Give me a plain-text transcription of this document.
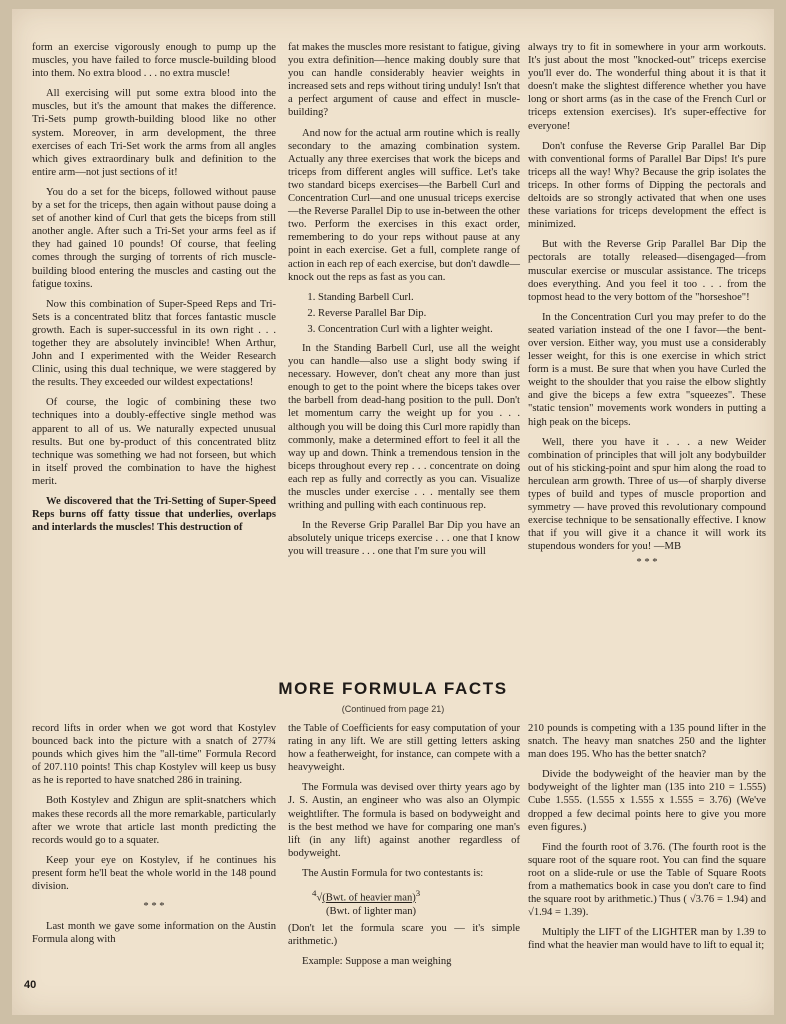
form an exercise vigorously enough to pump up the muscles, you have failed to force muscle-building blood into them. No extra blood . . . no extra muscle!

All exercising will put some extra blood into the muscles, but it's the amount that makes the difference. Tri-Sets pump growth-building blood like no other system. Moreover, in arm development, the three exercises of each Tri-Set work the arms from all angles which gives extraordinary bulk and definition to the entire arm—not just sections of it!

You do a set for the biceps, followed without pause by a set for the triceps, then again without pause doing a set of another kind of Curl that gets the biceps from still another angle. After such a Tri-Set your arms feel as if they had gained 10 pounds! Of course, that feeling comes through the surging of torrents of rich muscle-building blood entering the muscles and casting out the fatigue toxins.

Now this combination of Super-Speed Reps and Tri-Sets is a concentrated blitz that forces fantastic muscle growth. Each is super-successful in its own right . . . together they are absolutely invincible! When Arthur, John and I experimented with the Weider Research Clinic, using this dual technique, we were staggered by the results. They exceeded our wildest expectations!

Of course, the logic of combining these two techniques into a doubly-effective single method was apparent to all of us. We naturally expected unusual results. But one by-product of this concentrated blitz technique was something we had not forseen, but which in itself proved the combination to have the highest merit.

We discovered that the Tri-Setting of Super-Speed Reps burns off fatty tissue that underlies, overlaps and interlards the muscles! This destruction of

fat makes the muscles more resistant to fatigue, giving you extra definition—hence making doubly sure that you can handle considerably heavier weights in increased sets and reps without tiring unduly! Isn't that a perfect argument of cause and effect in muscle-building?

And now for the actual arm routine which is really secondary to the amazing combination system. Actually any three exercises that work the biceps and triceps from different angles will suffice. Let's take two standard biceps exercises—the Barbell Curl and Concentration Curl—and one unusual triceps exercise—the Reverse Parallel Dip to use in-between the other two. Perform the exercises in this exact order, remembering to do your reps without pause at any point in each exercise. Get a full, complete range of action in each rep of each exercise, but don't dawdle—knock out the reps as fast as you can.

1. Standing Barbell Curl.
2. Reverse Parallel Bar Dip.
3. Concentration Curl with a lighter weight.

In the Standing Barbell Curl, use all the weight you can handle—also use a slight body swing if necessary. However, don't cheat any more than just enough to get to the point where the biceps takes over the barbell from dead-hang position to the pull. Don't let momentum carry the weight up for you . . . although you will be doing this Curl more rapidly than commonly, make a determined effort to feel it all the way up and down. Think a tremendous tension in the biceps throughout every rep . . . concentrate on doing each rep as fully and correctly as you can. Visualize the muscles under exercise . . . mentally see them writhing and pulling with each continuous rep.

In the Reverse Grip Parallel Bar Dip you have an absolutely unique triceps exercise . . . one that I know you will treasure . . . one that I'm sure you will

always try to fit in somewhere in your arm workouts. It's just about the most "knocked-out" triceps exercise you'll ever do. The wonderful thing about it is that it doesn't make the slightest difference whether you have long or short arms (as in the case of the French Curl or triceps extension exercises). It's super-effective for everyone!

Don't confuse the Reverse Grip Parallel Bar Dip with conventional forms of Parallel Bar Dips! It's pure triceps all the way! Why? Because the grip isolates the triceps. In other forms of Dipping the pectorals and deltoids are so strongly activated that when one uses these variations for triceps development the effect is minimized.

But with the Reverse Grip Parallel Bar Dip the pectorals are totally released—disengaged—from muscular exercise or muscular assistance. The triceps does everything. And you feel it too . . . from the topmost head to the very bottom of the "horseshoe"!

In the Concentration Curl you may prefer to do the seated variation instead of the one I favor—the bent-over version. Either way, you must use a considerably lesser weight, for this is one exercise in which strict form is a must. Be sure that when you have Curled the weight to the shoulder that you raise the elbow slightly and give the biceps a few extra "squeezes". These "static tension" movements work wonders in putting a high peak on the biceps.

Well, there you have it . . . a new Weider combination of principles that will jolt any bodybuilder out of his sticking-point and spur him along the road to herculean arm growth. Three of us—of sharply diverse types of build and types of muscle proportion and symmetry — have proved this revolutionary compound exercise technique to be sensationally effective. I know that if you will give it a chance it will work its stupendous wonders for you! —MB

* * *

MORE FORMULA FACTS
(Continued from page 21)

record lifts in order when we got word that Kostylev bounced back into the picture with a snatch of 277¾ pounds which gives him the "all-time" Formula Record of 207.110 points! This chap Kostylev will keep us busy as he is reported to have snatched 286 in training.

Both Kostylev and Zhigun are split-snatchers which makes these records all the more remarkable, particularly after we wrote that article last month predicting the records would go to a squater.

Keep your eye on Kostylev, if he continues his present form he'll beat the whole world in the 148 pound division.

* * *

Last month we gave some information on the Austin Formula along with

the Table of Coefficients for easy computation of your rating in any lift. We are still getting letters asking how a featherweight, for instance, can compete with a heavyweight.

The Formula was devised over thirty years ago by J. S. Austin, an engineer who was also an Olympic weightlifter. The formula is based on bodyweight and is the best method we have for comparing one man's lift (in any lift) against another regardless of bodyweight.

The Austin Formula for two contestants is:

$^4$√(Bwt. of heavier man)$^3$
(Bwt. of lighter man)

(Don't let the formula scare you — it's simple arithmetic.)

Example: Suppose a man weighing

210 pounds is competing with a 135 pound lifter in the snatch. The heavy man snatches 250 and the lighter man does 195. Who has the better snatch?

Divide the bodyweight of the heavier man by the bodyweight of the lighter man (135 into 210 = 1.555) Cube 1.555. (1.555 x 1.555 x 1.555 = 3.76) (We've dropped a few decimal points here to give you more even figures.)

Find the fourth root of 3.76. (The fourth root is the square root of the square root. You can find the square root on a slide-rule or use the Table of Square Roots from a mathematics book in case you don't care to find the square root by arithmetic.) Thus ( √3.76 = 1.94) and √1.94 = 1.39).

Multiply the LIFT of the LIGHTER man by 1.39 to find what the heavier man would have to lift to equal it;

40
